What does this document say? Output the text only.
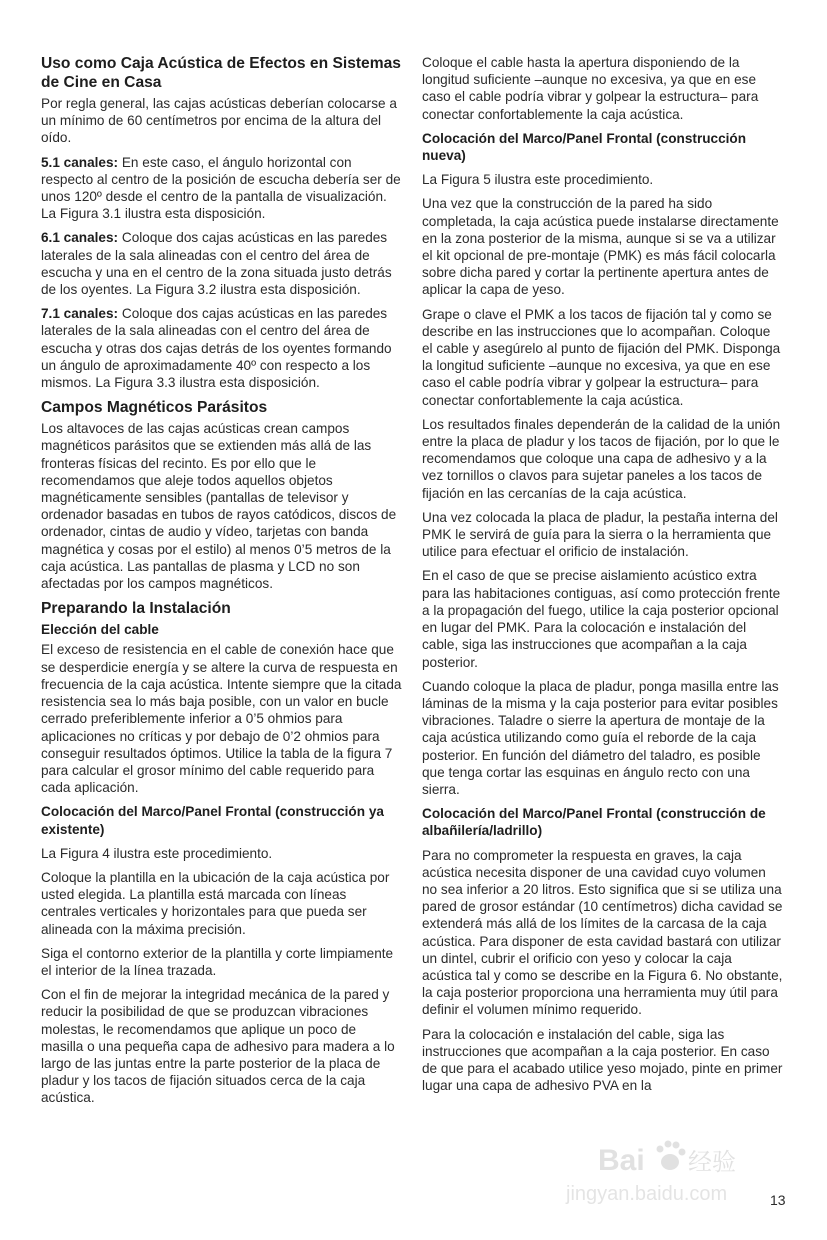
Uso como Caja Acústica de Efectos en Sistemas de Cine en Casa

Por regla general, las cajas acústicas deberían colocarse a un mínimo de 60 centímetros por encima de la altura del oído.

5.1 canales: En este caso, el ángulo horizontal con respecto al centro de la posición de escucha debería ser de unos 120º desde el centro de la pantalla de visualización. La Figura 3.1 ilustra esta disposición.

6.1 canales: Coloque dos cajas acústicas en las paredes laterales de la sala alineadas con el centro del área de escucha y una en el centro de la zona situada justo detrás de los oyentes. La Figura 3.2 ilustra esta disposición.

7.1 canales: Coloque dos cajas acústicas en las paredes laterales de la sala alineadas con el centro del área de escucha y otras dos cajas detrás de los oyentes formando un ángulo de aproximadamente 40º con respecto a los mismos. La Figura 3.3 ilustra esta disposición.

Campos Magnéticos Parásitos

Los altavoces de las cajas acústicas crean campos magnéticos parásitos que se extienden más allá de las fronteras físicas del recinto. Es por ello que le recomendamos que aleje todos aquellos objetos magnéticamente sensibles (pantallas de televisor y ordenador basadas en tubos de rayos catódicos, discos de ordenador, cintas de audio y vídeo, tarjetas con banda magnética y cosas por el estilo) al menos 0’5 metros de la caja acústica. Las pantallas de plasma y LCD no son afectadas por los campos magnéticos.

Preparando la Instalación
Elección del cable

El exceso de resistencia en el cable de conexión hace que se desperdicie energía y se altere la curva de respuesta en frecuencia de la caja acústica. Intente siempre que la citada resistencia sea lo más baja posible, con un valor en bucle cerrado preferiblemente inferior a 0’5 ohmios para aplicaciones no críticas y por debajo de 0’2 ohmios para conseguir resultados óptimos. Utilice la tabla de la figura 7 para calcular el grosor mínimo del cable requerido para cada aplicación.

Colocación del Marco/Panel Frontal (construcción ya existente)

La Figura 4 ilustra este procedimiento.

Coloque la plantilla en la ubicación de la caja acústica por usted elegida. La plantilla está marcada con líneas centrales verticales y horizontales para que pueda ser alineada con la máxima precisión.

Siga el contorno exterior de la plantilla y corte limpiamente el interior de la línea trazada.

Con el fin de mejorar la integridad mecánica de la pared y reducir la posibilidad de que se produzcan vibraciones molestas, le recomendamos que aplique un poco de masilla o una pequeña capa de adhesivo para madera a lo largo de las juntas entre la parte posterior de la placa de pladur y los tacos de fijación situados cerca de la caja acústica.

Coloque el cable hasta la apertura disponiendo de la longitud suficiente –aunque no excesiva, ya que en ese caso el cable podría vibrar y golpear la estructura– para conectar confortablemente la caja acústica.

Colocación del Marco/Panel Frontal (construcción nueva)

La Figura 5 ilustra este procedimiento.

Una vez que la construcción de la pared ha sido completada, la caja acústica puede instalarse directamente en la zona posterior de la misma, aunque si se va a utilizar el kit opcional de pre-montaje (PMK) es más fácil colocarla sobre dicha pared y cortar la pertinente apertura antes de aplicar la capa de yeso.

Grape o clave el PMK a los tacos de fijación tal y como se describe en las instrucciones que lo acompañan. Coloque el cable y asegúrelo al punto de fijación del PMK. Disponga la longitud suficiente –aunque no excesiva, ya que en ese caso el cable podría vibrar y golpear la estructura– para conectar confortablemente la caja acústica.

Los resultados finales dependerán de la calidad de la unión entre la placa de pladur y los tacos de fijación, por lo que le recomendamos que coloque una capa de adhesivo y a la vez tornillos o clavos para sujetar paneles a los tacos de fijación en las cercanías de la caja acústica.

Una vez colocada la placa de pladur, la pestaña interna del PMK le servirá de guía para la sierra o la herramienta que utilice para efectuar el orificio de instalación.

En el caso de que se precise aislamiento acústico extra para las habitaciones contiguas, así como protección frente a la propagación del fuego, utilice la caja posterior opcional en lugar del PMK. Para la colocación e instalación del cable, siga las instrucciones que acompañan a la caja posterior.

Cuando coloque la placa de pladur, ponga masilla entre las láminas de la misma y la caja posterior para evitar posibles vibraciones. Taladre o sierre la apertura de montaje de la caja acústica utilizando como guía el reborde de la caja posterior. En función del diámetro del taladro, es posible que tenga cortar las esquinas en ángulo recto con una sierra.

Colocación del Marco/Panel Frontal (construcción de albañilería/ladrillo)

Para no comprometer la respuesta en graves, la caja acústica necesita disponer de una cavidad cuyo volumen no sea inferior a 20 litros. Esto significa que si se utiliza una pared de grosor estándar (10 centímetros) dicha cavidad se extenderá más allá de los límites de la carcasa de la caja acústica. Para disponer de esta cavidad bastará con utilizar un dintel, cubrir el orificio con yeso y colocar la caja acústica tal y como se describe en la Figura 6. No obstante, la caja posterior proporciona una herramienta muy útil para definir el volumen mínimo requerido.

Para la colocación e instalación del cable, siga las instrucciones que acompañan a la caja posterior. En caso de que para el acabado utilice yeso mojado, pinte en primer lugar una capa de adhesivo PVA en la

Bai 经验
jingyan.baidu.com	13
